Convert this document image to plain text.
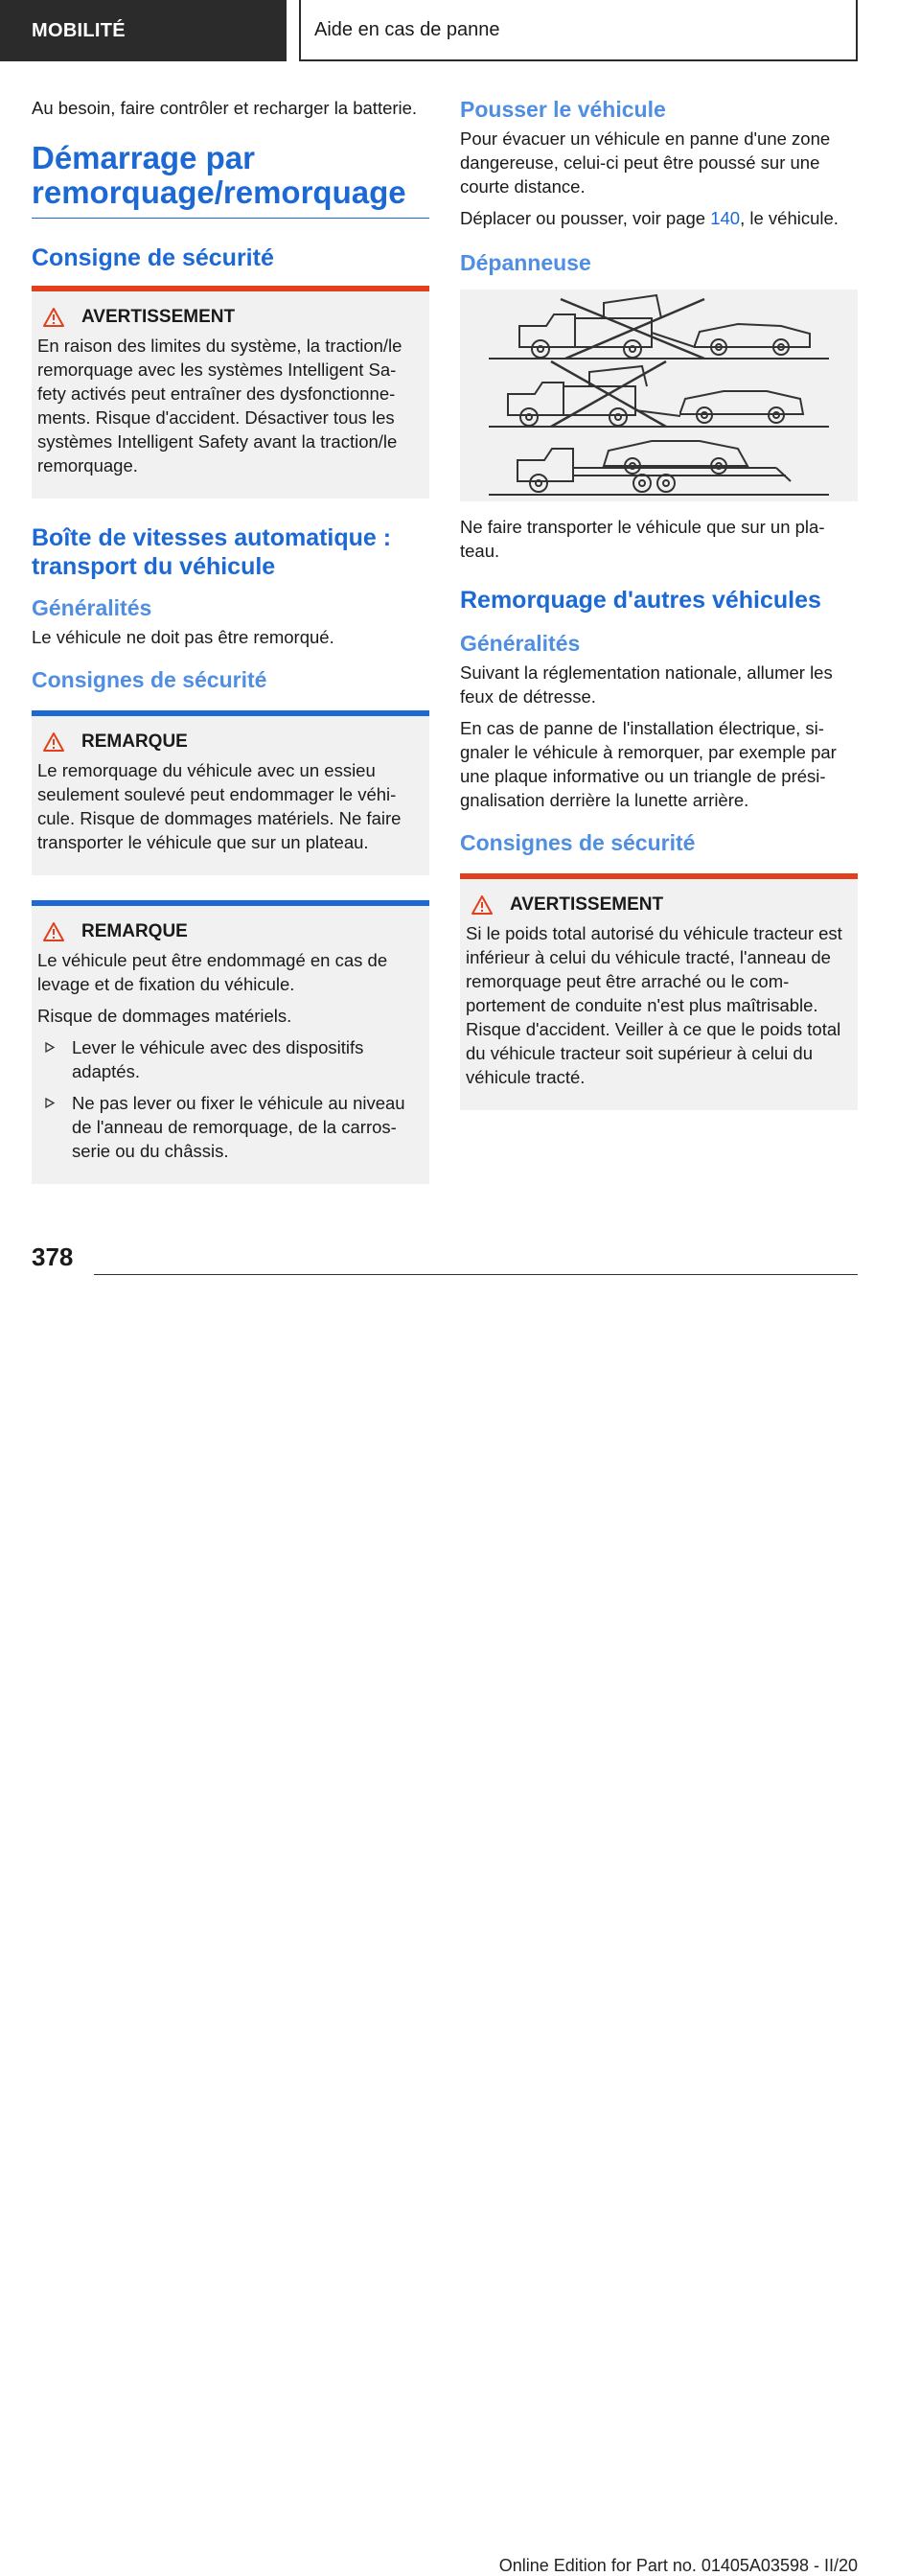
MOBILITÉ	Aide en cas de panne

Au besoin, faire contrôler et recharger la batterie.

Démarrage par remorquage/remorquage
Consigne de sécurité
AVERTISSEMENT

En raison des limites du système, la traction/le remorquage avec les systèmes Intelligent Sa-fety activés peut entraîner des dysfonctionne-ments. Risque d'accident. Désactiver tous les systèmes Intelligent Safety avant la traction/le remorquage.

Boîte de vitesses automatique : transport du véhicule
Généralités

Le véhicule ne doit pas être remorqué.

Consignes de sécurité
REMARQUE

Le remorquage du véhicule avec un essieu seulement soulevé peut endommager le véhi-cule. Risque de dommages matériels. Ne faire transporter le véhicule que sur un plateau.

REMARQUE

Le véhicule peut être endommagé en cas de levage et de fixation du véhicule.

Risque de dommages matériels.

Lever le véhicule avec des dispositifs adaptés.
Ne pas lever ou fixer le véhicule au niveau de l'anneau de remorquage, de la carros-serie ou du châssis.
Pousser le véhicule

Pour évacuer un véhicule en panne d'une zone dangereuse, celui-ci peut être poussé sur une courte distance.

Déplacer ou pousser, voir page 140, le véhicule.

Dépanneuse

Ne faire transporter le véhicule que sur un pla-teau.

Remorquage d'autres véhicules
Généralités

Suivant la réglementation nationale, allumer les feux de détresse.

En cas de panne de l'installation électrique, si-gnaler le véhicule à remorquer, par exemple par une plaque informative ou un triangle de prési-gnalisation derrière la lunette arrière.

Consignes de sécurité
AVERTISSEMENT

Si le poids total autorisé du véhicule tracteur est inférieur à celui du véhicule tracté, l'anneau de remorquage peut être arraché ou le com-portement de conduite n'est plus maîtrisable. Risque d'accident. Veiller à ce que le poids total du véhicule tracteur soit supérieur à celui du véhicule tracté.

378
Online Edition for Part no. 01405A03598 - II/20
